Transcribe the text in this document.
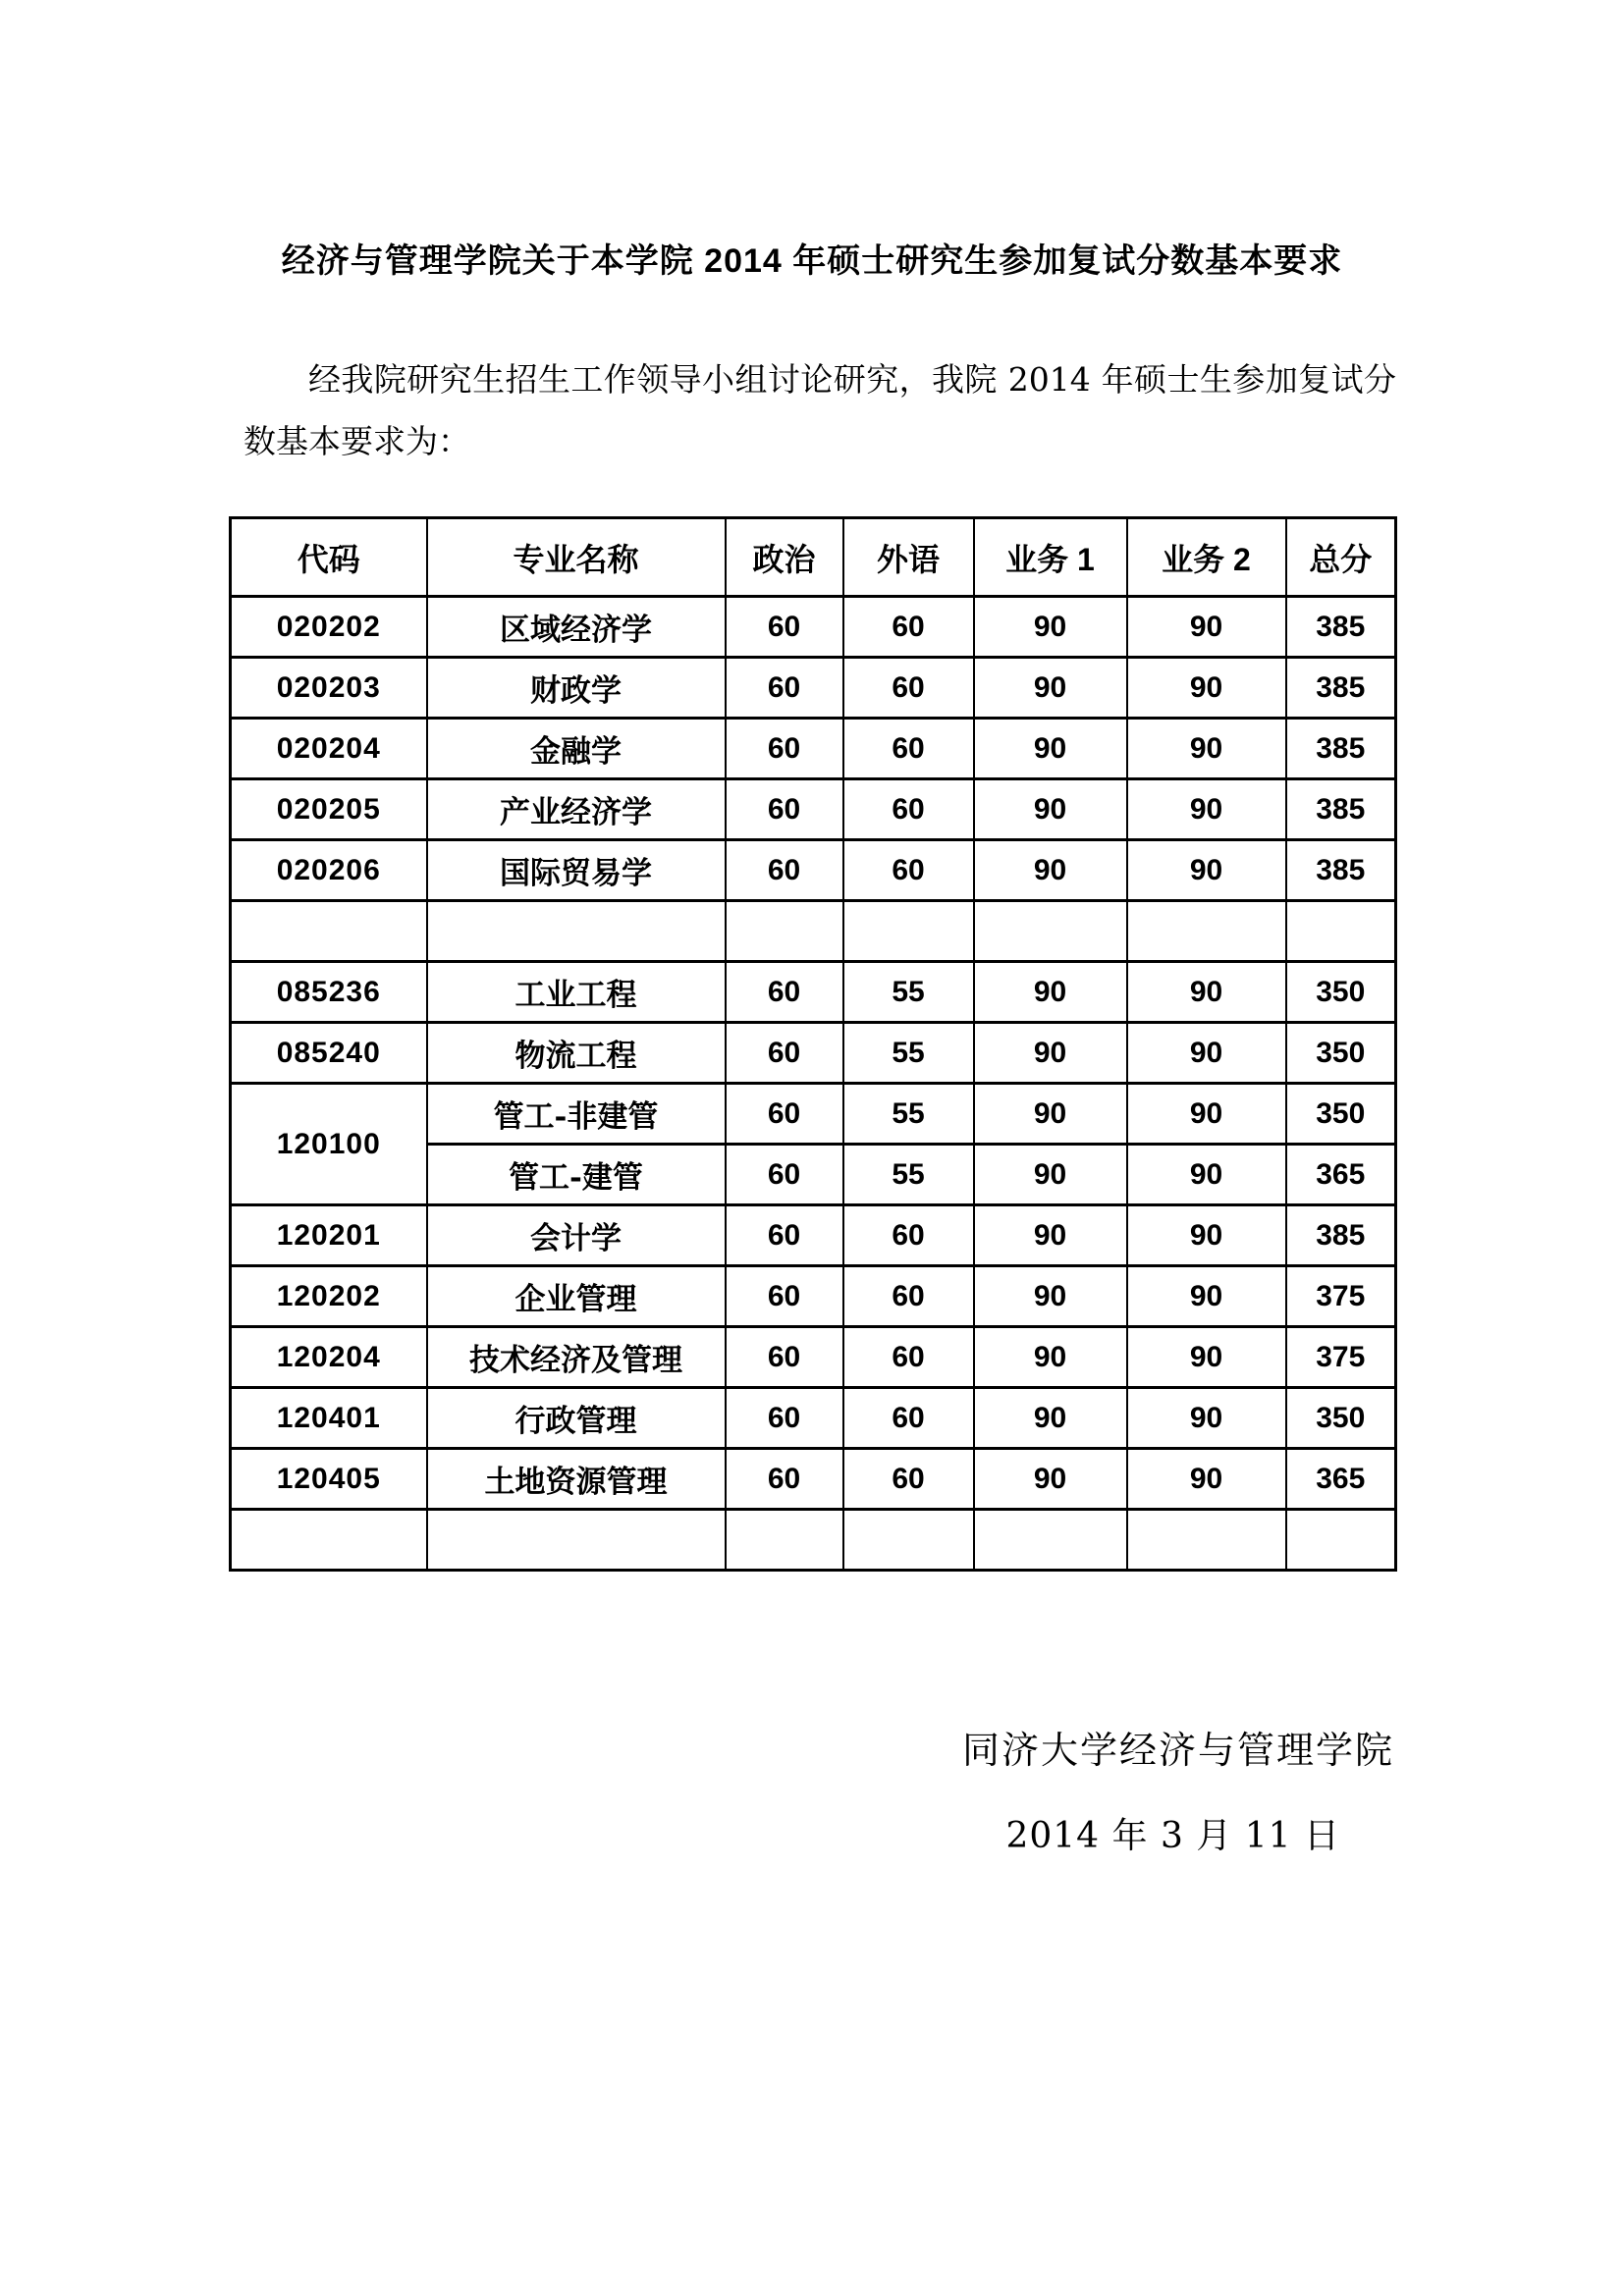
经济与管理学院关于本学院 2014 年硕士研究生参加复试分数基本要求

经我院研究生招生工作领导小组讨论研究，我院 2014 年硕士生参加复试分数基本要求为：

代码	专业名称	政治	外语	业务 1	业务 2	总分
020202	区域经济学	60	60	90	90	385
020203	财政学	60	60	90	90	385
020204	金融学	60	60	90	90	385
020205	产业经济学	60	60	90	90	385
020206	国际贸易学	60	60	90	90	385

085236	工业工程	60	55	90	90	350
085240	物流工程	60	55	90	90	350
120100	管工-非建管	60	55	90	90	350
	管工-建管	60	55	90	90	365
120201	会计学	60	60	90	90	385
120202	企业管理	60	60	90	90	375
120204	技术经济及管理	60	60	90	90	375
120401	行政管理	60	60	90	90	350
120405	土地资源管理	60	60	90	90	365

同济大学经济与管理学院
2014 年 3 月 11 日
